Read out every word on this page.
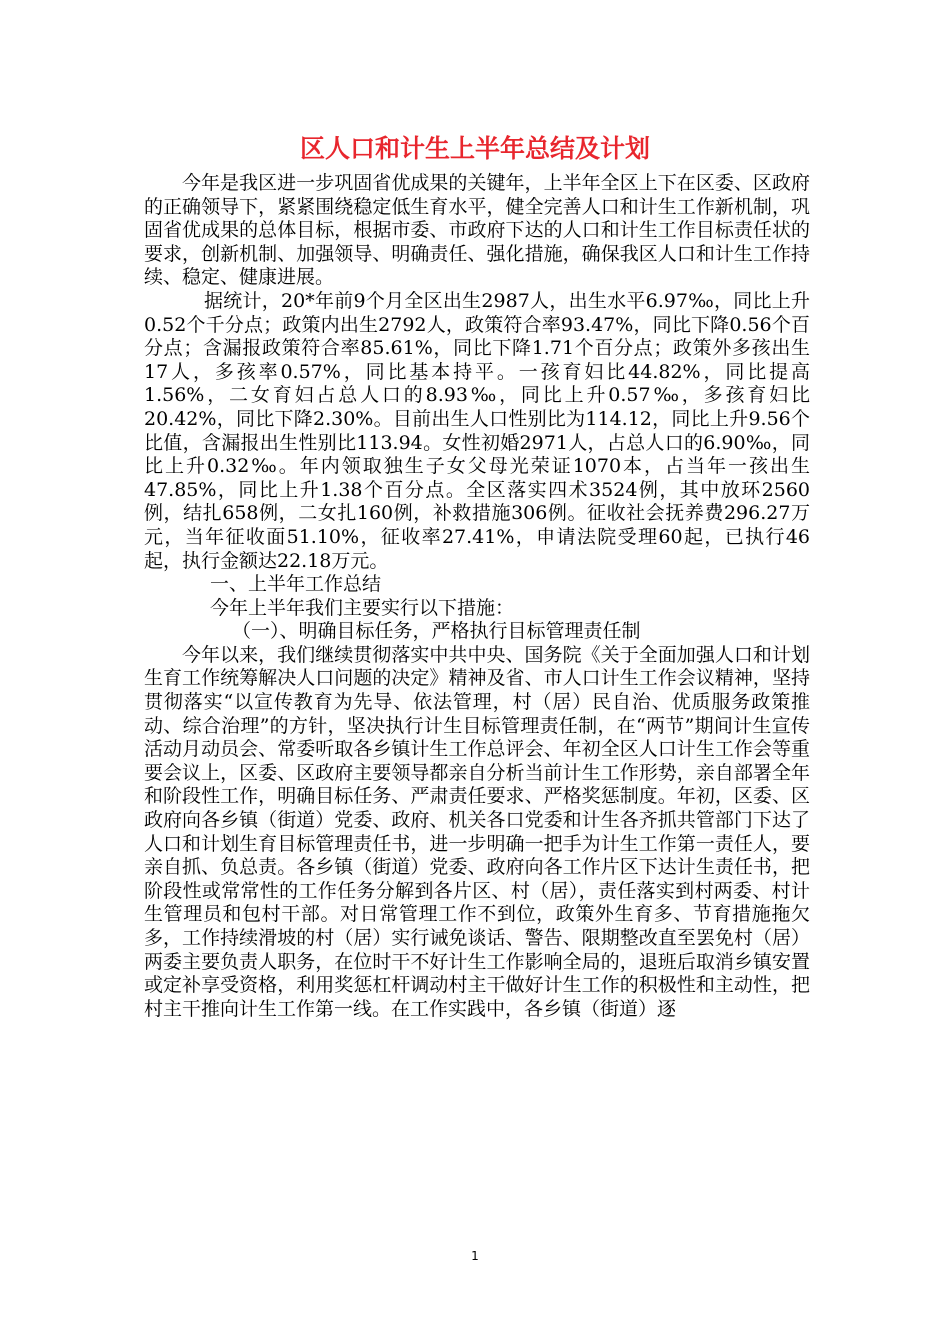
区人口和计生上半年总结及计划

今年是我区进一步巩固省优成果的关键年，上半年全区上下在区委、区政府的正确领导下，紧紧围绕稳定低生育水平，健全完善人口和计生工作新机制，巩固省优成果的总体目标，根据市委、市政府下达的人口和计生工作目标责任状的要求，创新机制、加强领导、明确责任、强化措施，确保我区人口和计生工作持续、稳定、健康进展。

据统计，20*年前9个月全区出生2987人，出生水平6.97‰，同比上升0.52个千分点；政策内出生2792人，政策符合率93.47%，同比下降0.56个百分点；含漏报政策符合率85.61%，同比下降1.71个百分点；政策外多孩出生17人，多孩率0.57%，同比基本持平。一孩育妇比44.82%，同比提高1.56%，二女育妇占总人口的8.93‰，同比上升0.57‰，多孩育妇比20.42%，同比下降2.30%。目前出生人口性别比为114.12，同比上升9.56个比值，含漏报出生性别比113.94。女性初婚2971人，占总人口的6.90‰，同比上升0.32‰。年内领取独生子女父母光荣证1070本，占当年一孩出生47.85%，同比上升1.38个百分点。全区落实四术3524例，其中放环2560例，结扎658例，二女扎160例，补救措施306例。征收社会抚养费296.27万元，当年征收面51.10%，征收率27.41%，申请法院受理60起，已执行46起，执行金额达22.18万元。

一、上半年工作总结

今年上半年我们主要实行以下措施：

（一）、明确目标任务，严格执行目标管理责任制

今年以来，我们继续贯彻落实中共中央、国务院《关于全面加强人口和计划生育工作统筹解决人口问题的决定》精神及省、市人口计生工作会议精神，坚持贯彻落实“以宣传教育为先导、依法管理，村（居）民自治、优质服务政策推动、综合治理”的方针，坚决执行计生目标管理责任制，在“两节”期间计生宣传活动月动员会、常委听取各乡镇计生工作总评会、年初全区人口计生工作会等重要会议上，区委、区政府主要领导都亲自分析当前计生工作形势，亲自部署全年和阶段性工作，明确目标任务、严肃责任要求、严格奖惩制度。年初，区委、区政府向各乡镇（街道）党委、政府、机关各口党委和计生各齐抓共管部门下达了人口和计划生育目标管理责任书，进一步明确一把手为计生工作第一责任人，要亲自抓、负总责。各乡镇（街道）党委、政府向各工作片区下达计生责任书，把阶段性或常常性的工作任务分解到各片区、村（居），责任落实到村两委、村计生管理员和包村干部。对日常管理工作不到位，政策外生育多、节育措施拖欠多，工作持续滑坡的村（居）实行诫免谈话、警告、限期整改直至罢免村（居）两委主要负责人职务，在位时干不好计生工作影响全局的，退班后取消乡镇安置或定补享受资格，利用奖惩杠杆调动村主干做好计生工作的积极性和主动性，把村主干推向计生工作第一线。在工作实践中，各乡镇（街道）逐

1
